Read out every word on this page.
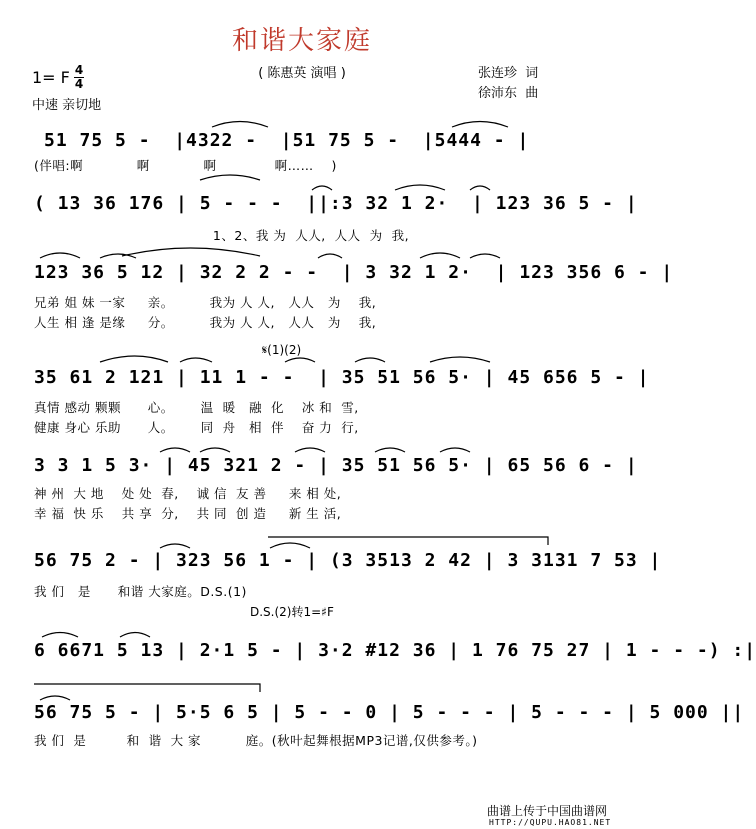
和谐大家庭
( 陈惠英 演唱 )	张连珍  词
徐沛东  曲
1= F 4
4
中速 亲切地
51 75 5 -  |4322 -  |51 75 5 -  |5444 - |
(伴唱:啊            啊            啊             啊……    )
( 13 36 176 | 5 - - -  ||:3 32 1 2·  | 123 36 5 - |
1、2、我 为  人人,  人人  为  我,
123 36 5 12 | 32 2 2 - -  | 3 32 1 2·  | 123 356 6 - |
兄弟 姐 妹 一家     亲。        我为 人 人,   人人   为    我,
人生 相 逢 是缘     分。        我为 人 人,   人人   为    我,
𝄋(1)(2)
35 61 2 121 | 11 1 - -  | 35 51 56 5· | 45 656 5 - |
真情 感动 颗颗      心。      温  暖   融  化    冰 和  雪,
健康 身心 乐助      人。      同  舟   相  伴    奋 力  行,
3 3 1 5 3· | 45 321 2 - | 35 51 56 5· | 65 56 6 - |
神 州  大 地    处 处  春,    诚 信  友 善     来 相 处,
幸 福  快 乐    共 享  分,    共 同  创 造     新 生 活,
56 75 2 - | 323 56 1 - | (3 3513 2 42 | 3 3131 7 53 |
我 们   是      和谐 大家庭。D.S.(1)
D.S.(2)转1=♯F
6 6671 5 13 | 2·1 5 - | 3·2 #12 36 | 1 76 75 27 | 1 - - -) :|
56 75 5 - | 5·5 6 5 | 5 - - 0 | 5 - - - | 5 - - - | 5 000 ||
我 们  是         和  谐  大 家          庭。(秋叶起舞根据MP3记谱,仅供参考。)
曲谱上传于中国曲谱网
HTTP://QUPU.HAO81.NET
